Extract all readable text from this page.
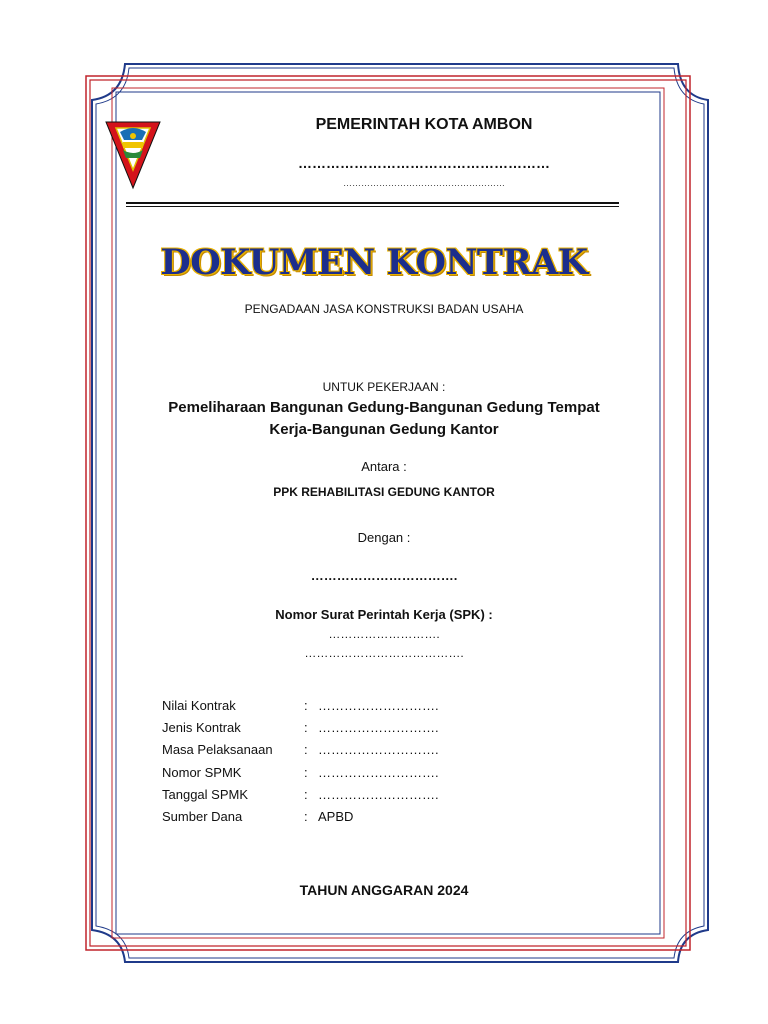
PEMERINTAH KOTA AMBON
………………………………………………
………………………………………………
DOKUMEN KONTRAK
PENGADAAN JASA KONSTRUKSI BADAN USAHA
UNTUK PEKERJAAN :
Pemeliharaan Bangunan Gedung-Bangunan Gedung Tempat
Kerja-Bangunan Gedung Kantor
Antara :
PPK REHABILITASI GEDUNG KANTOR
Dengan :
…………………………….
Nomor Surat Perintah Kerja (SPK) :
……………………….
………………………………….
Nilai Kontrak	: ……………………….
Jenis Kontrak	: ……………………….
Masa Pelaksanaan : ……………………….
Nomor SPMK	: ……………………….
Tanggal SPMK	: ……………………….
Sumber Dana	: APBD
TAHUN ANGGARAN 2024
